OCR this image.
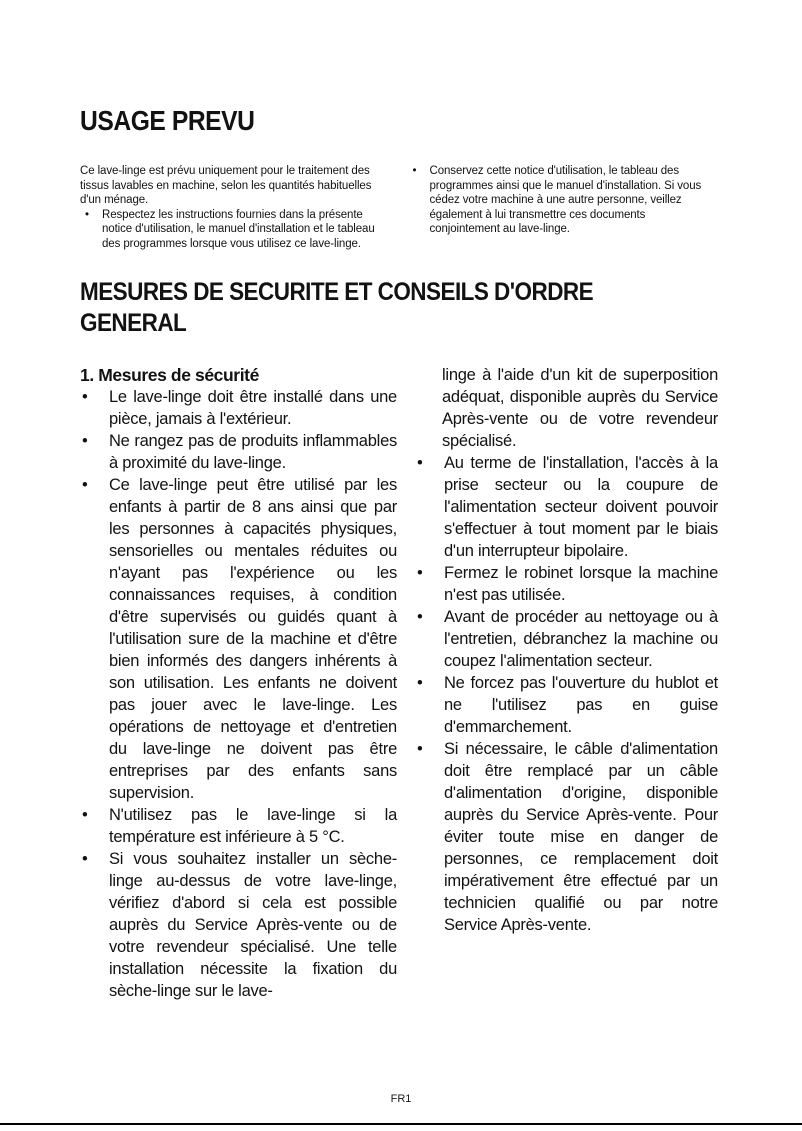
USAGE PREVU

Ce lave-linge est prévu uniquement pour le traitement des tissus lavables en machine, selon les quantités habituelles d'un ménage.

•	Respectez les instructions fournies dans la présente notice d'utilisation, le manuel d'installation et le tableau des programmes lorsque vous utilisez ce lave-linge.

•	Conservez cette notice d'utilisation, le tableau des programmes ainsi que le manuel d'installation. Si vous cédez votre machine à une autre personne, veillez également à lui transmettre ces documents conjointement au lave-linge.

MESURES DE SECURITE ET CONSEILS D'ORDRE GENERAL
1. Mesures de sécurité
•	Le lave-linge doit être installé dans une pièce, jamais à l'extérieur.

•	Ne rangez pas de produits inflammables à proximité du lave-linge.

•	Ce lave-linge peut être utilisé par les enfants à partir de 8 ans ainsi que par les personnes à capacités physiques, sensorielles ou mentales réduites ou n'ayant pas l'expérience ou les connaissances requises, à condition d'être supervisés ou guidés quant à l'utilisation sure de la machine et d'être bien informés des dangers inhérents à son utilisation. Les enfants ne doivent pas jouer avec le lave-linge. Les opérations de nettoyage et d'entretien du lave-linge ne doivent pas être entreprises par des enfants sans supervision.

•	N'utilisez pas le lave-linge si la température est inférieure à 5 °C.

•	Si vous souhaitez installer un sèche-linge au-dessus de votre lave-linge, vérifiez d'abord si cela est possible auprès du Service Après-vente ou de votre revendeur spécialisé. Une telle installation nécessite la fixation du sèche-linge sur le lave-

linge à l'aide d'un kit de superposition adéquat, disponible auprès du Service Après-vente ou de votre revendeur spécialisé.

•	Au terme de l'installation, l'accès à la prise secteur ou la coupure de l'alimentation secteur doivent pouvoir s'effectuer à tout moment par le biais d'un interrupteur bipolaire.

•	Fermez le robinet lorsque la machine n'est pas utilisée.

•	Avant de procéder au nettoyage ou à l'entretien, débranchez la machine ou coupez l'alimentation secteur.

•	Ne forcez pas l'ouverture du hublot et ne l'utilisez pas en guise d'emmarchement.

•	Si nécessaire, le câble d'alimentation doit être remplacé par un câble d'alimentation d'origine, disponible auprès du Service Après-vente. Pour éviter toute mise en danger de personnes, ce remplacement doit impérativement être effectué par un technicien qualifié ou par notre Service Après-vente.

FR1
